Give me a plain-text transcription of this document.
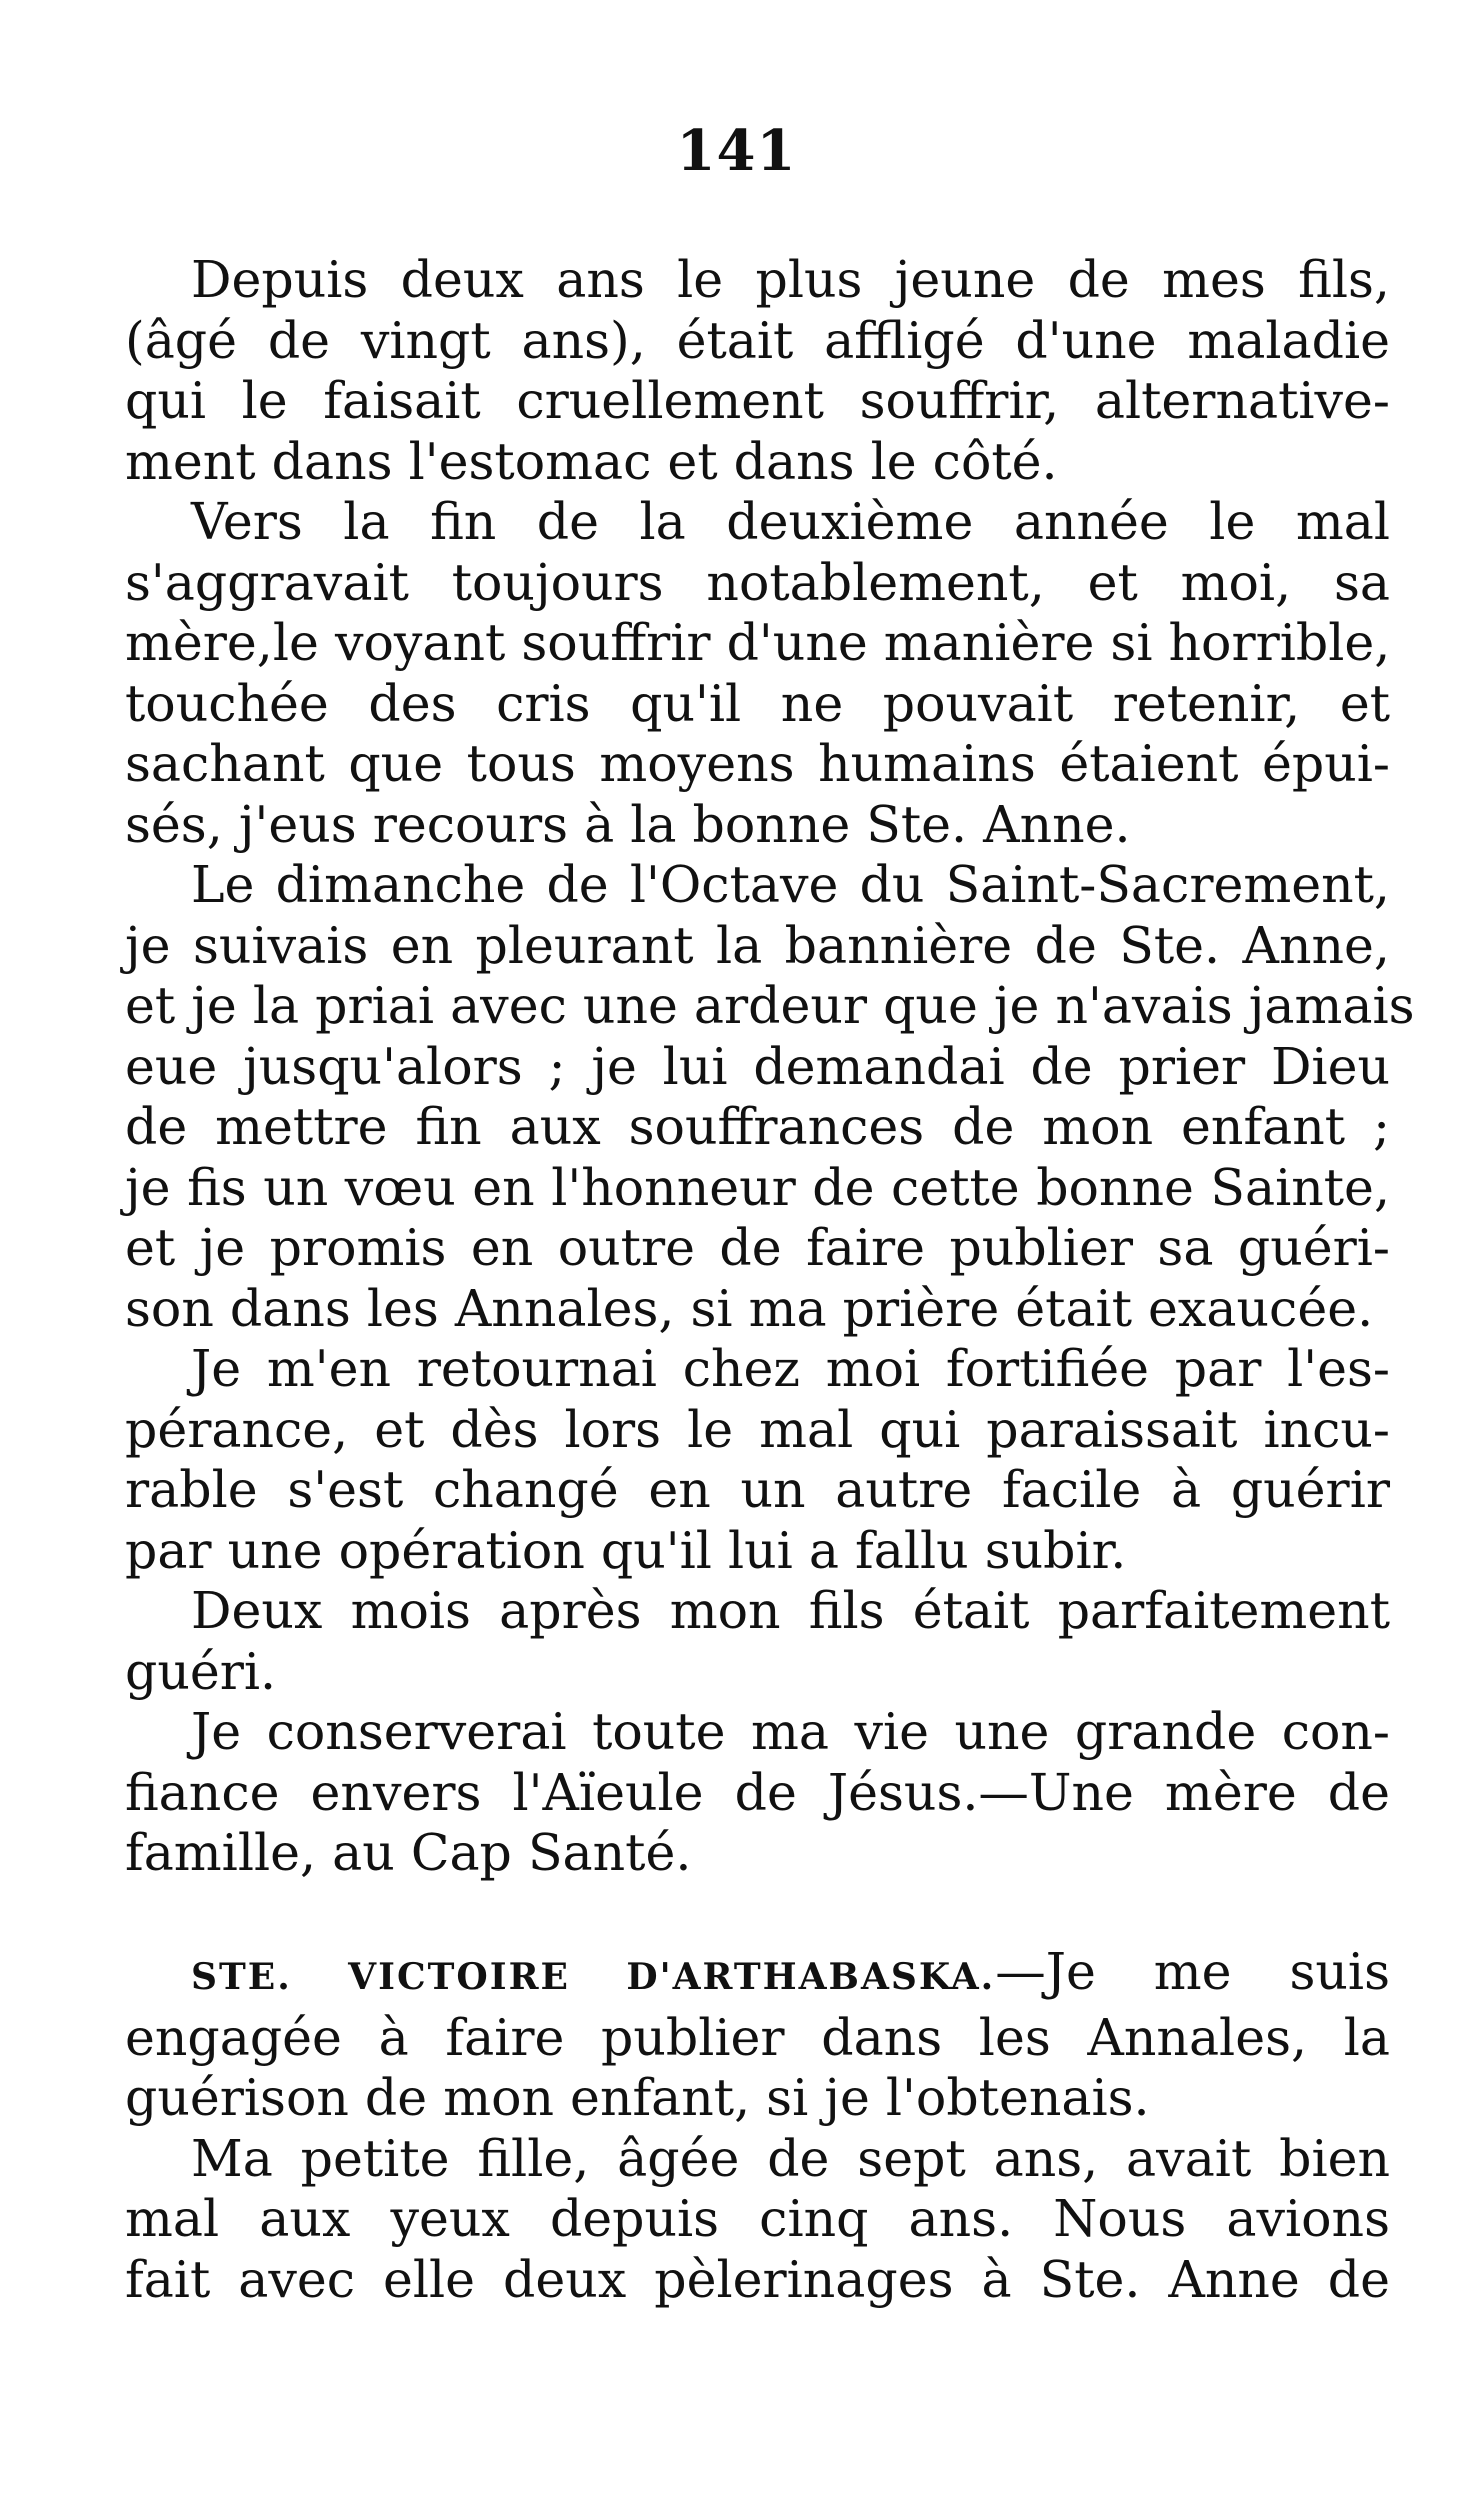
141
Depuis deux ans le plus jeune de mes fils,
(âgé de vingt ans), était affligé d'une maladie
qui le faisait cruellement souffrir, alternative-
ment dans l'estomac et dans le côté.
Vers la fin de la deuxième année le mal
s'aggravait toujours notablement, et moi, sa
mère,le voyant souffrir d'une manière si horrible,
touchée des cris qu'il ne pouvait retenir, et
sachant que tous moyens humains étaient épui-
sés, j'eus recours à la bonne Ste. Anne.
Le dimanche de l'Octave du Saint-Sacrement,
je suivais en pleurant la bannière de Ste. Anne,
et je la priai avec une ardeur que je n'avais jamais
eue jusqu'alors ; je lui demandai de prier Dieu
de mettre fin aux souffrances de mon enfant ;
je fis un vœu en l'honneur de cette bonne Sainte,
et je promis en outre de faire publier sa guéri-
son dans les Annales, si ma prière était exaucée.
Je m'en retournai chez moi fortifiée par l'es-
pérance, et dès lors le mal qui paraissait incu-
rable s'est changé en un autre facile à guérir
par une opération qu'il lui a fallu subir.
Deux mois après mon fils était parfaitement
guéri.
Je conserverai toute ma vie une grande con-
fiance envers l'Aïeule de Jésus.—Une mère de
famille, au Cap Santé.
STE. VICTOIRE D'ARTHABASKA.—Je me suis
engagée à faire publier dans les Annales, la
guérison de mon enfant, si je l'obtenais.
Ma petite fille, âgée de sept ans, avait bien
mal aux yeux depuis cinq ans. Nous avions
fait avec elle deux pèlerinages à Ste. Anne de
